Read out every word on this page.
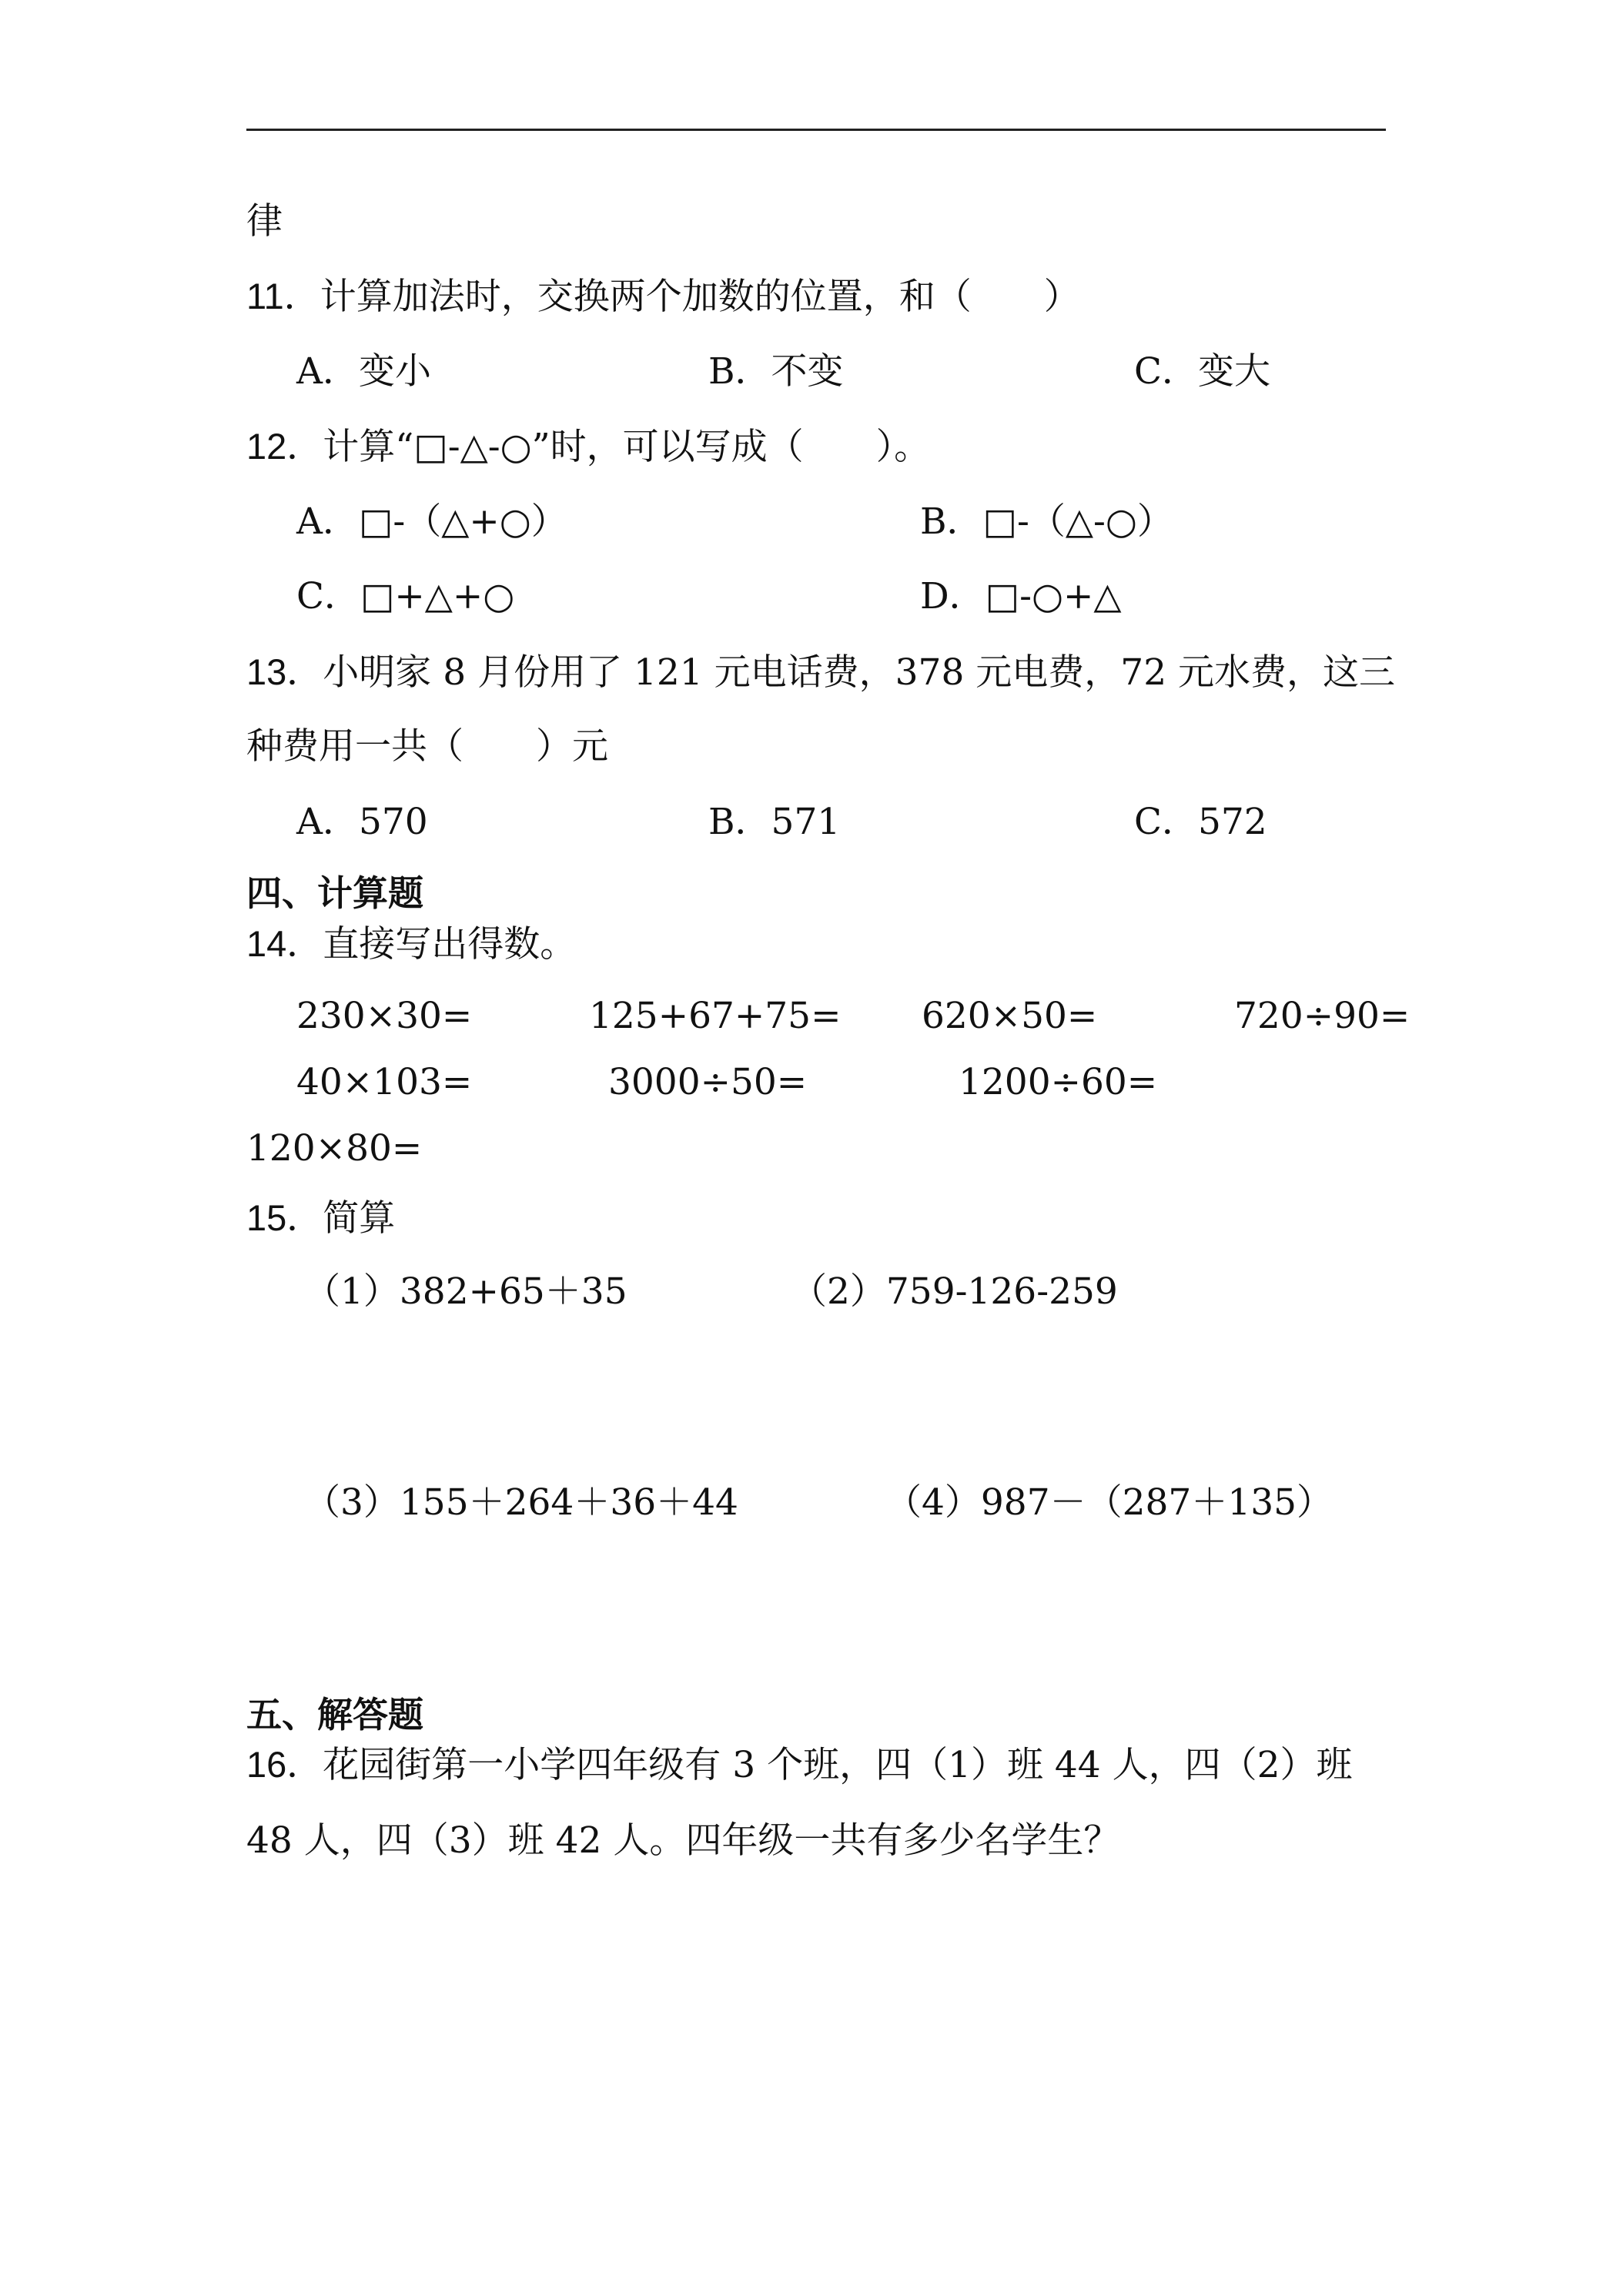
律
11．计算加法时，交换两个加数的位置，和（　　）
A．变小	B．不变	C．变大
12．计算“□-△-○”时，可以写成（　　）。
A．□-（△+○）	B．□-（△-○）
C．□+△+○	D．□-○+△
13．小明家 8 月份用了 121 元电话费，378 元电费，72 元水费，这三
种费用一共（　　）元
A．570	B．571	C．572
四、计算题
14．直接写出得数。
230×30=	125+67+75= 620×50=	720÷90=
40×103=	3000÷50=	1200÷60=
120×80=
15．简算
（1）382+65＋35	（2）759-126-259
（3）155＋264＋36＋44	（4）987－（287＋135）
五、解答题
16．花园街第一小学四年级有 3 个班，四（1）班 44 人，四（2）班
48 人，四（3）班 42 人。四年级一共有多少名学生？
